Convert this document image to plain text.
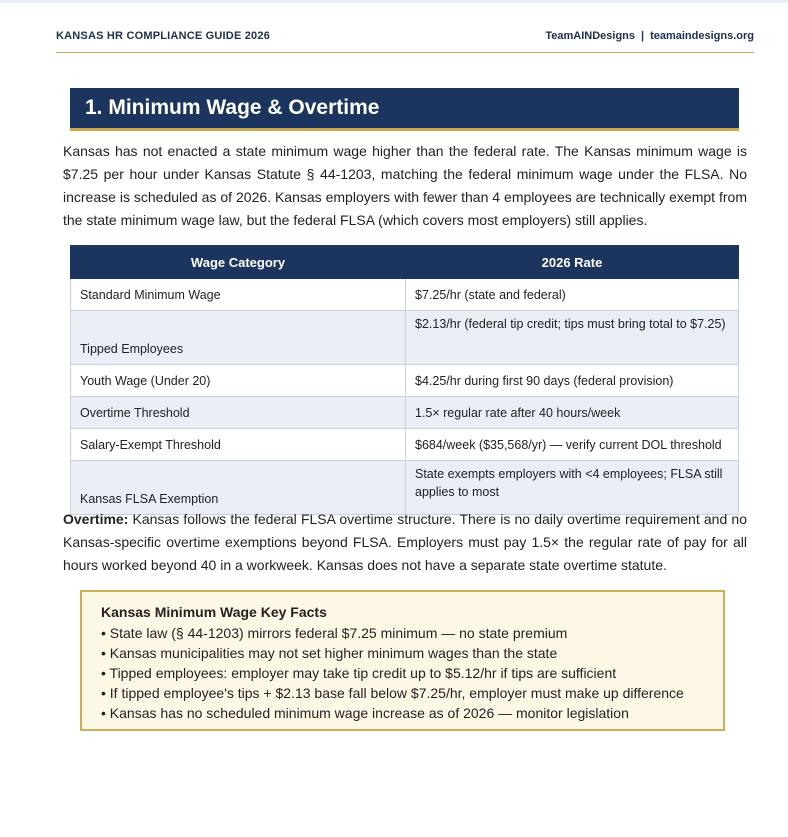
KANSAS HR COMPLIANCE GUIDE 2026	TeamAINDesigns | teamaindesigns.org
1. Minimum Wage & Overtime

Kansas has not enacted a state minimum wage higher than the federal rate. The Kansas minimum wage is $7.25 per hour under Kansas Statute § 44-1203, matching the federal minimum wage under the FLSA. No increase is scheduled as of 2026. Kansas employers with fewer than 4 employees are technically exempt from the state minimum wage law, but the federal FLSA (which covers most employers) still applies.

Wage Category	2026 Rate
Standard Minimum Wage	$7.25/hr (state and federal)
Tipped Employees	$2.13/hr (federal tip credit; tips must bring total to $7.25)
Youth Wage (Under 20)	$4.25/hr during first 90 days (federal provision)
Overtime Threshold	1.5× regular rate after 40 hours/week
Salary-Exempt Threshold	$684/week ($35,568/yr) — verify current DOL threshold
Kansas FLSA Exemption	State exempts employers with <4 employees; FLSA still applies to most

Overtime: Kansas follows the federal FLSA overtime structure. There is no daily overtime requirement and no Kansas-specific overtime exemptions beyond FLSA. Employers must pay 1.5× the regular rate of pay for all hours worked beyond 40 in a workweek. Kansas does not have a separate state overtime statute.

Kansas Minimum Wage Key Facts
• State law (§ 44-1203) mirrors federal $7.25 minimum — no state premium
• Kansas municipalities may not set higher minimum wages than the state
• Tipped employees: employer may take tip credit up to $5.12/hr if tips are sufficient
• If tipped employee's tips + $2.13 base fall below $7.25/hr, employer must make up difference
• Kansas has no scheduled minimum wage increase as of 2026 — monitor legislation
